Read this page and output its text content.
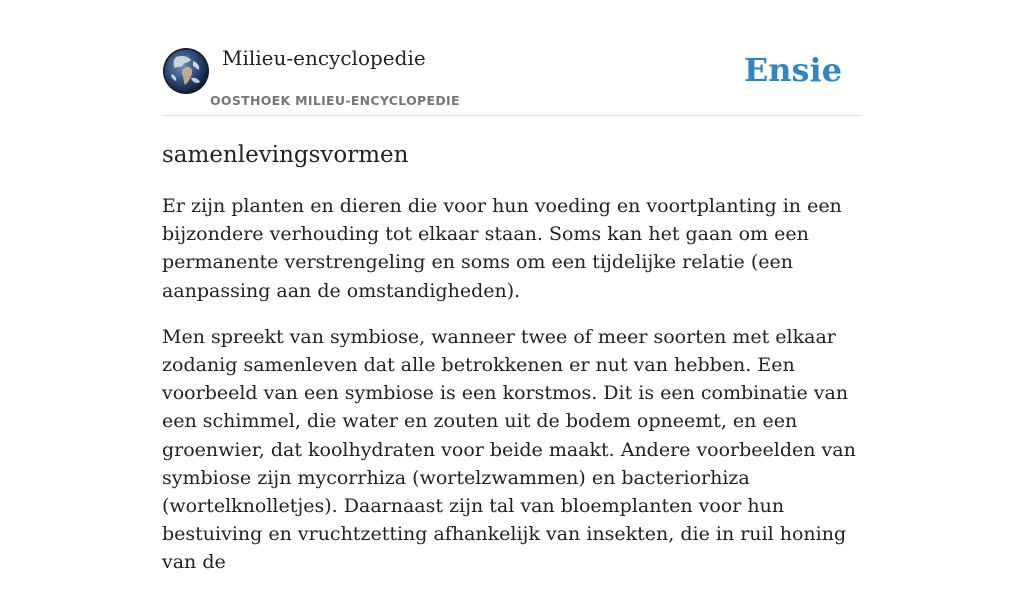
Milieu-encyclopedie
OOSTHOEK MILIEU-ENCYCLOPEDIE
Ensie
samenlevingsvormen

Er zijn planten en dieren die voor hun voeding en voortplanting in een bijzondere verhouding tot elkaar staan. Soms kan het gaan om een permanente verstrengeling en soms om een tijdelijke relatie (een aanpassing aan de omstandigheden).

Men spreekt van symbiose, wanneer twee of meer soorten met elkaar zodanig samenleven dat alle betrokkenen er nut van hebben. Een voorbeeld van een symbiose is een korstmos. Dit is een combinatie van een schimmel, die water en zouten uit de bodem opneemt, en een groenwier, dat koolhydraten voor beide maakt. Andere voorbeelden van symbiose zijn mycorrhiza (wortelzwammen) en bacteriorhiza (wortelknolletjes). Daarnaast zijn tal van bloemplanten voor hun bestuiving en vruchtzetting afhankelijk van insekten, die in ruil honing van de
